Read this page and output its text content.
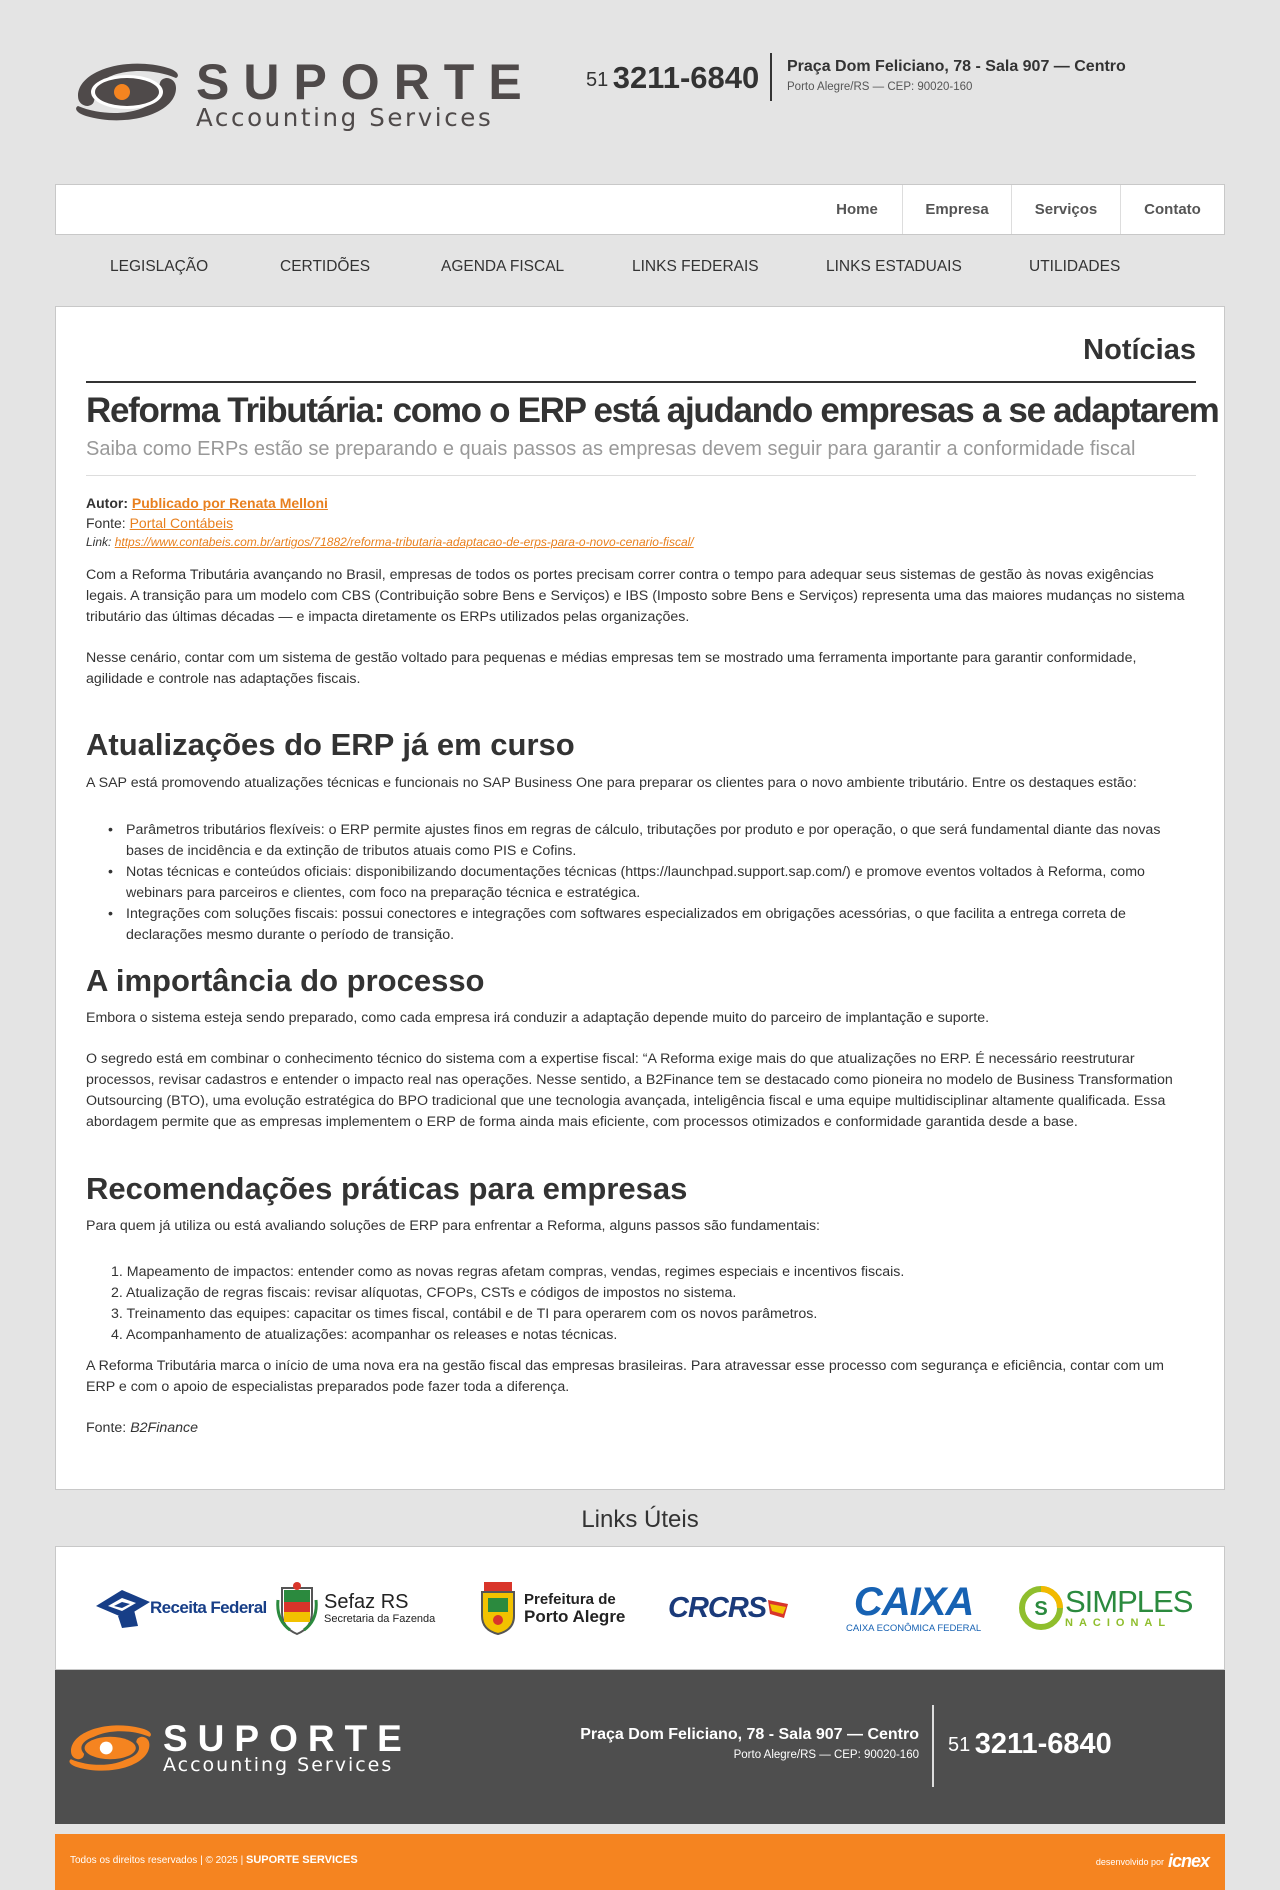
SUPORTE
Accounting Services
51 3211-6840 Praça Dom Feliciano, 78 - Sala 907 — Centro
Porto Alegre/RS — CEP: 90020-160
Home	Empresa	Serviços	Contato
LEGISLAÇÃO	CERTIDÕES	AGENDA FISCAL	LINKS FEDERAIS	LINKS ESTADUAIS	UTILIDADES
Notícias
Reforma Tributária: como o ERP está ajudando empresas a se adaptarem
Saiba como ERPs estão se preparando e quais passos as empresas devem seguir para garantir a conformidade fiscal
Autor: Publicado por Renata Melloni
Fonte: Portal Contábeis
Link: https://www.contabeis.com.br/artigos/71882/reforma-tributaria-adaptacao-de-erps-para-o-novo-cenario-fiscal/

Com a Reforma Tributária avançando no Brasil, empresas de todos os portes precisam correr contra o tempo para adequar seus sistemas de gestão às novas exigências legais. A transição para um modelo com CBS (Contribuição sobre Bens e Serviços) e IBS (Imposto sobre Bens e Serviços) representa uma das maiores mudanças no sistema tributário das últimas décadas — e impacta diretamente os ERPs utilizados pelas organizações.

Nesse cenário, contar com um sistema de gestão voltado para pequenas e médias empresas tem se mostrado uma ferramenta importante para garantir conformidade, agilidade e controle nas adaptações fiscais.

Atualizações do ERP já em curso

A SAP está promovendo atualizações técnicas e funcionais no SAP Business One para preparar os clientes para o novo ambiente tributário. Entre os destaques estão:

• Parâmetros tributários flexíveis: o ERP permite ajustes finos em regras de cálculo, tributações por produto e por operação, o que será fundamental diante das novas bases de incidência e da extinção de tributos atuais como PIS e Cofins.
• Notas técnicas e conteúdos oficiais: disponibilizando documentações técnicas (https://launchpad.support.sap.com/) e promove eventos voltados à Reforma, como webinars para parceiros e clientes, com foco na preparação técnica e estratégica.
• Integrações com soluções fiscais: possui conectores e integrações com softwares especializados em obrigações acessórias, o que facilita a entrega correta de declarações mesmo durante o período de transição.
A importância do processo

Embora o sistema esteja sendo preparado, como cada empresa irá conduzir a adaptação depende muito do parceiro de implantação e suporte.

O segredo está em combinar o conhecimento técnico do sistema com a expertise fiscal: “A Reforma exige mais do que atualizações no ERP. É necessário reestruturar processos, revisar cadastros e entender o impacto real nas operações. Nesse sentido, a B2Finance tem se destacado como pioneira no modelo de Business Transformation Outsourcing (BTO), uma evolução estratégica do BPO tradicional que une tecnologia avançada, inteligência fiscal e uma equipe multidisciplinar altamente qualificada. Essa abordagem permite que as empresas implementem o ERP de forma ainda mais eficiente, com processos otimizados e conformidade garantida desde a base.

Recomendações práticas para empresas

Para quem já utiliza ou está avaliando soluções de ERP para enfrentar a Reforma, alguns passos são fundamentais:

1. Mapeamento de impactos: entender como as novas regras afetam compras, vendas, regimes especiais e incentivos fiscais.
2. Atualização de regras fiscais: revisar alíquotas, CFOPs, CSTs e códigos de impostos no sistema.
3. Treinamento das equipes: capacitar os times fiscal, contábil e de TI para operarem com os novos parâmetros.
4. Acompanhamento de atualizações: acompanhar os releases e notas técnicas.

A Reforma Tributária marca o início de uma nova era na gestão fiscal das empresas brasileiras. Para atravessar esse processo com segurança e eficiência, contar com um ERP e com o apoio de especialistas preparados pode fazer toda a diferença.

Fonte: B2Finance

Links Úteis
Receita Federal	Sefaz RS
Secretaria da Fazenda
Prefeitura de
Porto Alegre CRCRS CAIXA
CAIXA ECONÔMICA FEDERAL
S SIMPLES
NACIONAL
SUPORTE
Accounting Services
Praça Dom Feliciano, 78 - Sala 907 — Centro
Porto Alegre/RS — CEP: 90020-160 51 3211-6840
Todos os direitos reservados | © 2025 | SUPORTE SERVICES	desenvolvido por icnex
